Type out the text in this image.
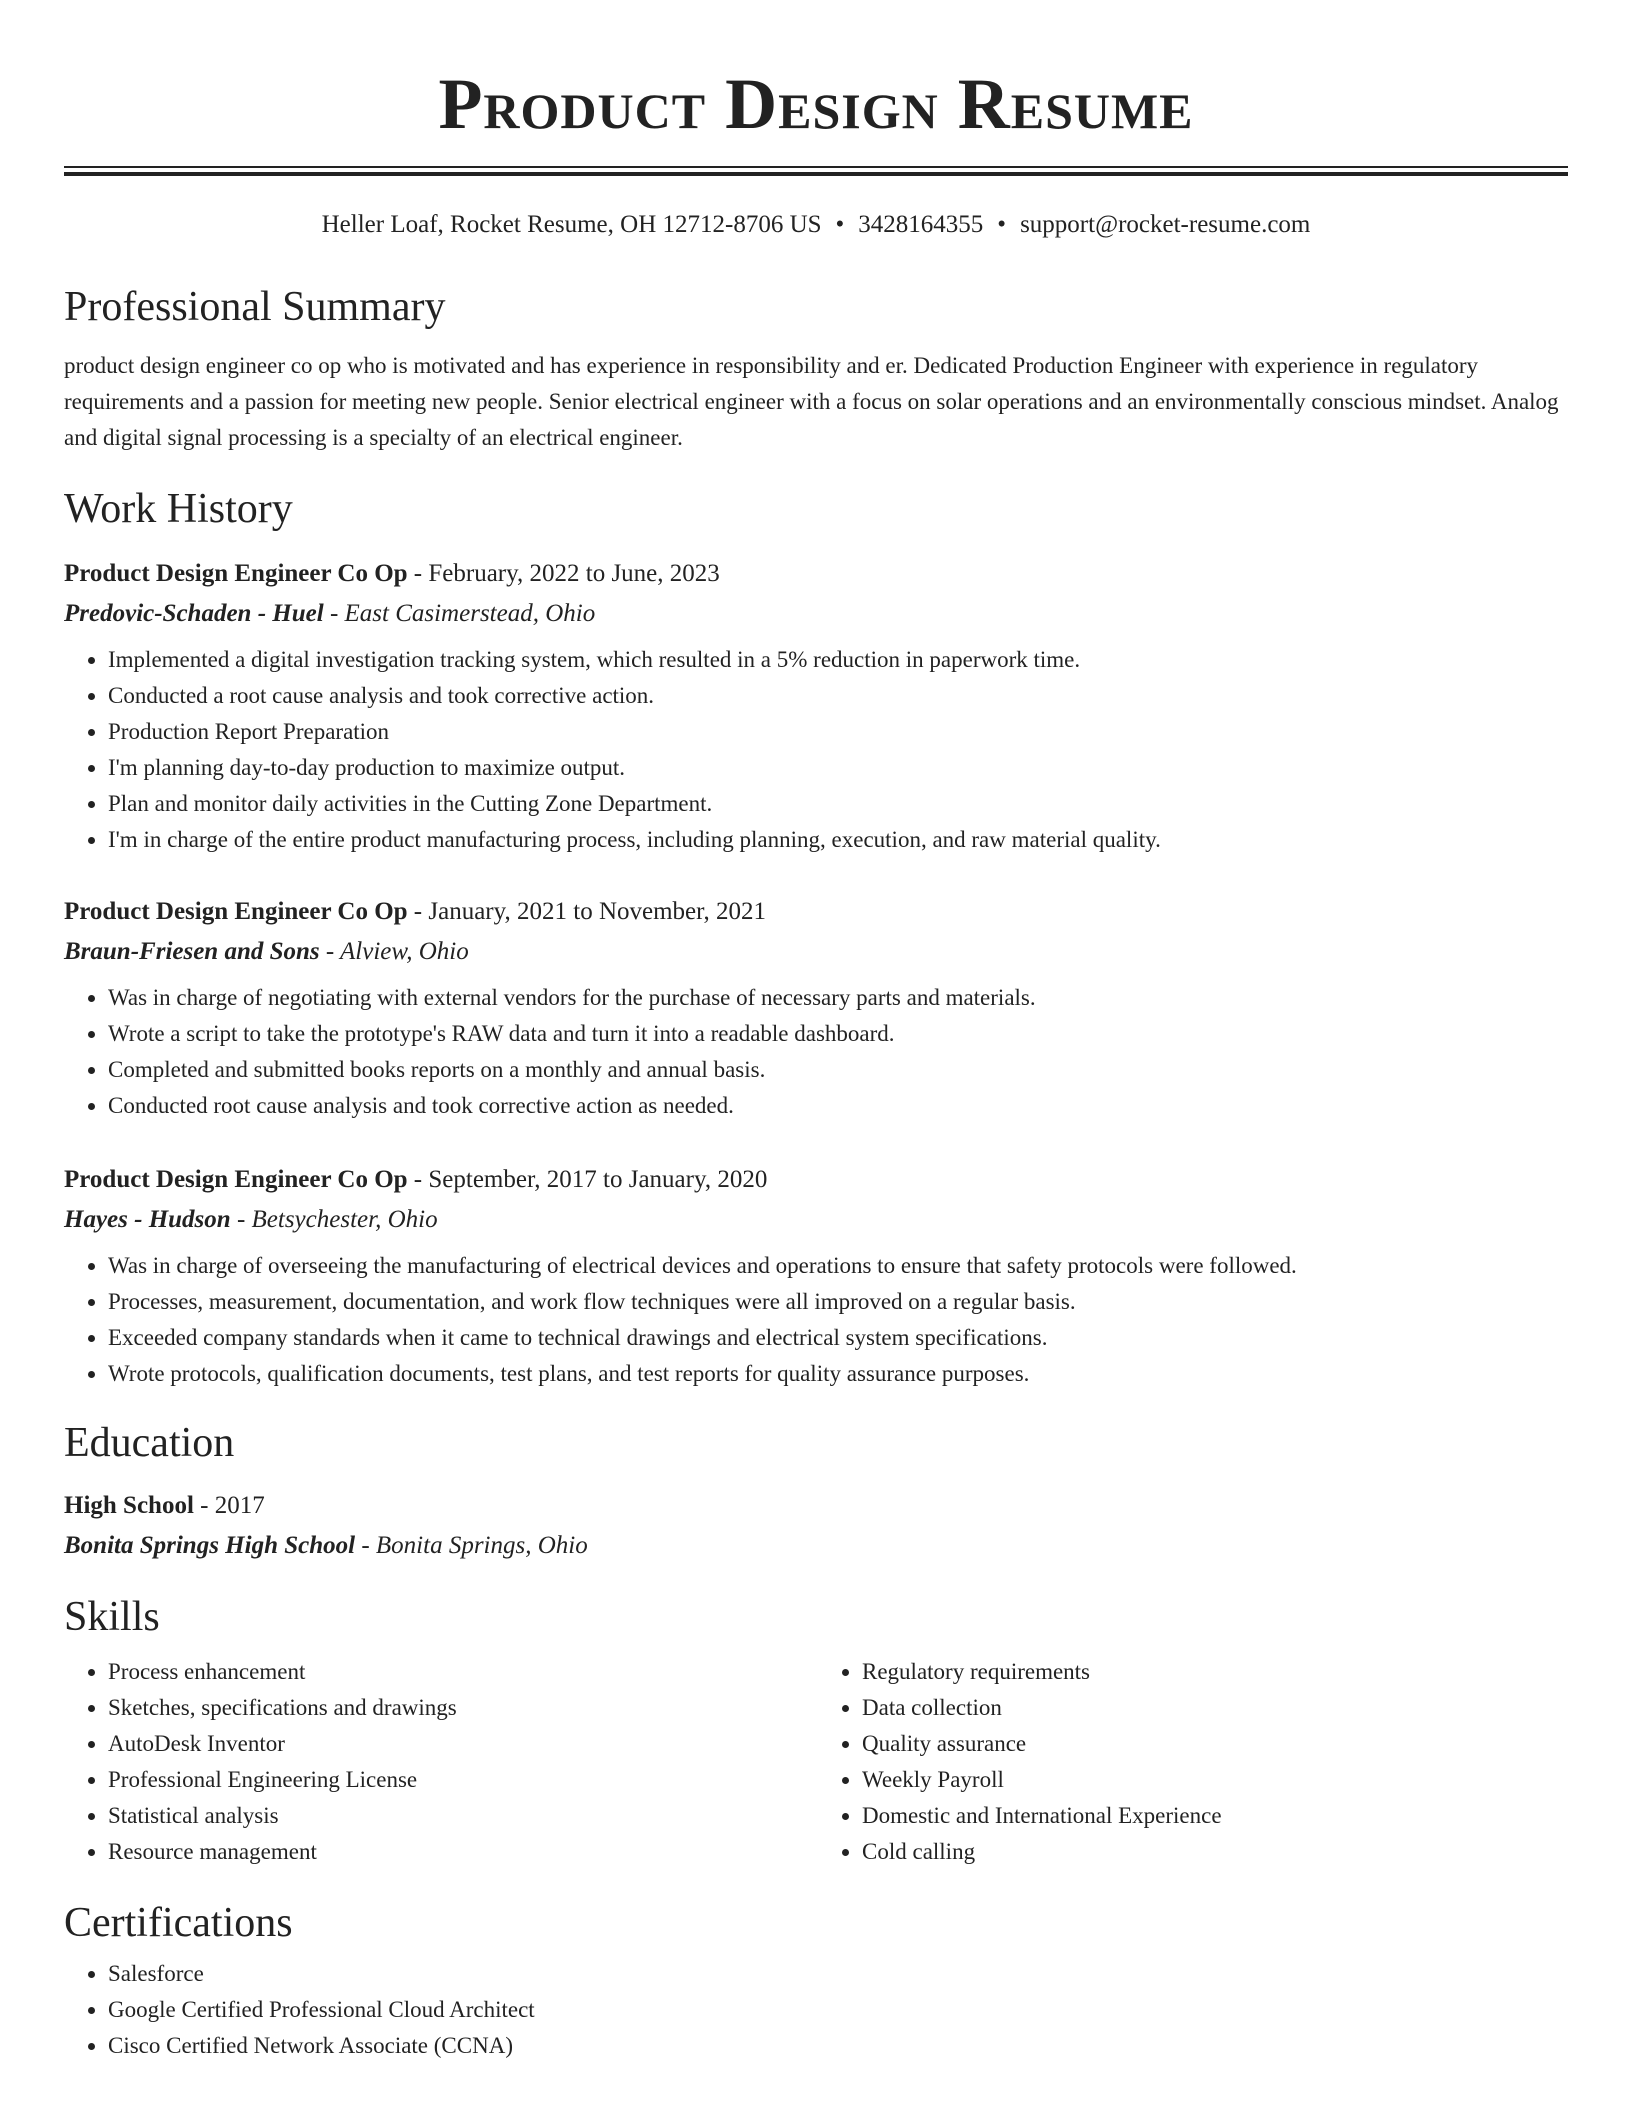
Product Design Resume
Heller Loaf, Rocket Resume, OH 12712-8706 US • 3428164355 • support@rocket-resume.com
Professional Summary

product design engineer co op who is motivated and has experience in responsibility and er. Dedicated Production Engineer with experience in regulatory requirements and a passion for meeting new people. Senior electrical engineer with a focus on solar operations and an environmentally conscious mindset. Analog and digital signal processing is a specialty of an electrical engineer.

Work History
Product Design Engineer Co Op - February, 2022 to June, 2023
Predovic-Schaden - Huel - East Casimerstead, Ohio
• Implemented a digital investigation tracking system, which resulted in a 5% reduction in paperwork time.
• Conducted a root cause analysis and took corrective action.
• Production Report Preparation
• I'm planning day-to-day production to maximize output.
• Plan and monitor daily activities in the Cutting Zone Department.
• I'm in charge of the entire product manufacturing process, including planning, execution, and raw material quality.
Product Design Engineer Co Op - January, 2021 to November, 2021
Braun-Friesen and Sons - Alview, Ohio
• Was in charge of negotiating with external vendors for the purchase of necessary parts and materials.
• Wrote a script to take the prototype's RAW data and turn it into a readable dashboard.
• Completed and submitted books reports on a monthly and annual basis.
• Conducted root cause analysis and took corrective action as needed.
Product Design Engineer Co Op - September, 2017 to January, 2020
Hayes - Hudson - Betsychester, Ohio
• Was in charge of overseeing the manufacturing of electrical devices and operations to ensure that safety protocols were followed.
• Processes, measurement, documentation, and work flow techniques were all improved on a regular basis.
• Exceeded company standards when it came to technical drawings and electrical system specifications.
• Wrote protocols, qualification documents, test plans, and test reports for quality assurance purposes.
Education
High School - 2017
Bonita Springs High School - Bonita Springs, Ohio
Skills
• Process enhancement
• Sketches, specifications and drawings
• AutoDesk Inventor
• Professional Engineering License
• Statistical analysis
• Resource management
• Regulatory requirements
• Data collection
• Quality assurance
• Weekly Payroll
• Domestic and International Experience
• Cold calling
Certifications
• Salesforce
• Google Certified Professional Cloud Architect
• Cisco Certified Network Associate (CCNA)
